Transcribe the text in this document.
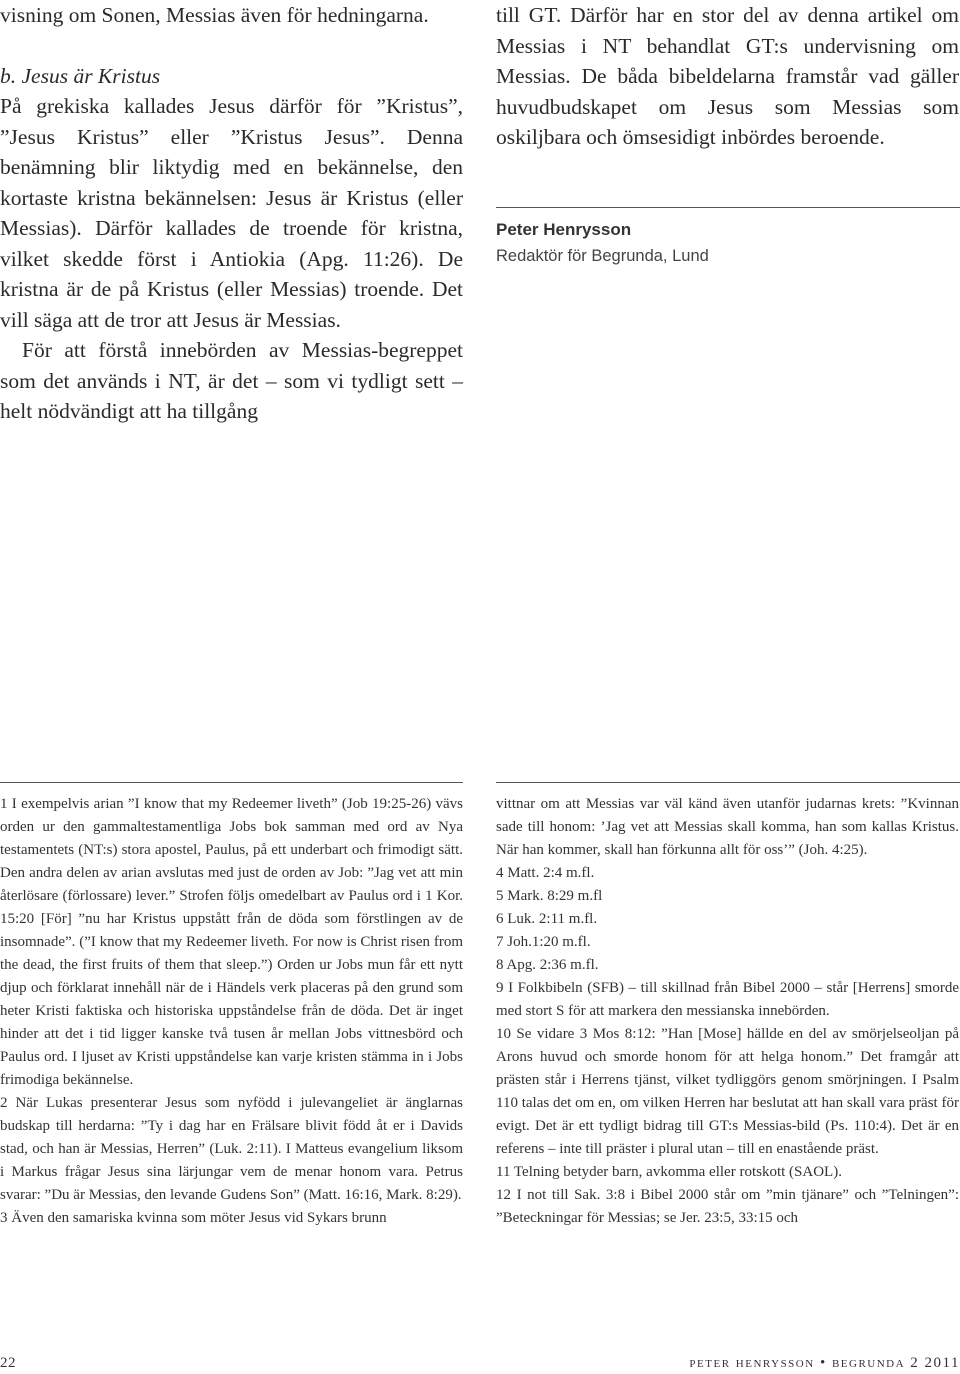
visning om Sonen, Messias även för hedningarna.

b. Jesus är Kristus

På grekiska kallades Jesus därför för ”Kristus”, ”Jesus Kristus” eller ”Kristus Jesus”. Denna benämning blir liktydig med en bekännelse, den kortaste kristna bekännelsen: Jesus är Kristus (eller Messias). Därför kallades de troende för kristna, vilket skedde först i Antiokia (Apg. 11:26). De kristna är de på Kristus (eller Messias) troende. Det vill säga att de tror att Jesus är Messias.

För att förstå innebörden av Messias-begreppet som det används i NT, är det – som vi tydligt sett – helt nödvändigt att ha tillgång

till GT. Därför har en stor del av denna artikel om Messias i NT behandlat GT:s undervisning om Messias. De båda bibeldelarna framstår vad gäller huvudbudskapet om Jesus som Messias som oskiljbara och ömsesidigt inbördes beroende.

Peter Henrysson
Redaktör för Begrunda, Lund

1 I exempelvis arian ”I know that my Redeemer liveth” (Job 19:25-26) vävs orden ur den gammaltestamentliga Jobs bok samman med ord av Nya testamentets (NT:s) stora apostel, Paulus, på ett underbart och frimodigt sätt. Den andra delen av arian avslutas med just de orden av Job: ”Jag vet att min återlösare (förlossare) lever.” Strofen följs omedelbart av Paulus ord i 1 Kor. 15:20 [För] ”nu har Kristus uppstått från de döda som förstlingen av de insomnade”. (”I know that my Redeemer liveth. For now is Christ risen from the dead, the first fruits of them that sleep.”) Orden ur Jobs mun får ett nytt djup och förklarat innehåll när de i Händels verk placeras på den grund som heter Kristi faktiska och historiska uppståndelse från de döda. Det är inget hinder att det i tid ligger kanske två tusen år mellan Jobs vittnesbörd och Paulus ord. I ljuset av Kristi uppståndelse kan varje kristen stämma in i Jobs frimodiga bekännelse.

2 När Lukas presenterar Jesus som nyfödd i julevangeliet är änglarnas budskap till herdarna: ”Ty i dag har en Frälsare blivit född åt er i Davids stad, och han är Messias, Herren” (Luk. 2:11). I Matteus evangelium liksom i Markus frågar Jesus sina lärjungar vem de menar honom vara. Petrus svarar: ”Du är Messias, den levande Gudens Son” (Matt. 16:16, Mark. 8:29).

3 Även den samariska kvinna som möter Jesus vid Sykars brunn

vittnar om att Messias var väl känd även utanför judarnas krets: ”Kvinnan sade till honom: ’Jag vet att Messias skall komma, han som kallas Kristus. När han kommer, skall han förkunna allt för oss’” (Joh. 4:25).

4 Matt. 2:4 m.fl.

5 Mark. 8:29 m.fl

6 Luk. 2:11 m.fl.

7 Joh.1:20 m.fl.

8 Apg. 2:36 m.fl.

9 I Folkbibeln (SFB) – till skillnad från Bibel 2000 – står [Herrens] smorde med stort S för att markera den messianska innebörden.

10 Se vidare 3 Mos 8:12: ”Han [Mose] hällde en del av smörjelseoljan på Arons huvud och smorde honom för att helga honom.” Det framgår att prästen står i Herrens tjänst, vilket tydliggörs genom smörjningen. I Psalm 110 talas det om en, om vilken Herren har beslutat att han skall vara präst för evigt. Det är ett tydligt bidrag till GT:s Messias-bild (Ps. 110:4). Det är en referens – inte till präster i plural utan – till en enastående präst.

11 Telning betyder barn, avkomma eller rotskott (SAOL).

12 I not till Sak. 3:8 i Bibel 2000 står om ”min tjänare” och ”Telningen”: ”Beteckningar för Messias; se Jer. 23:5, 33:15 och

22	peter henrysson • begrunda 2 2011
